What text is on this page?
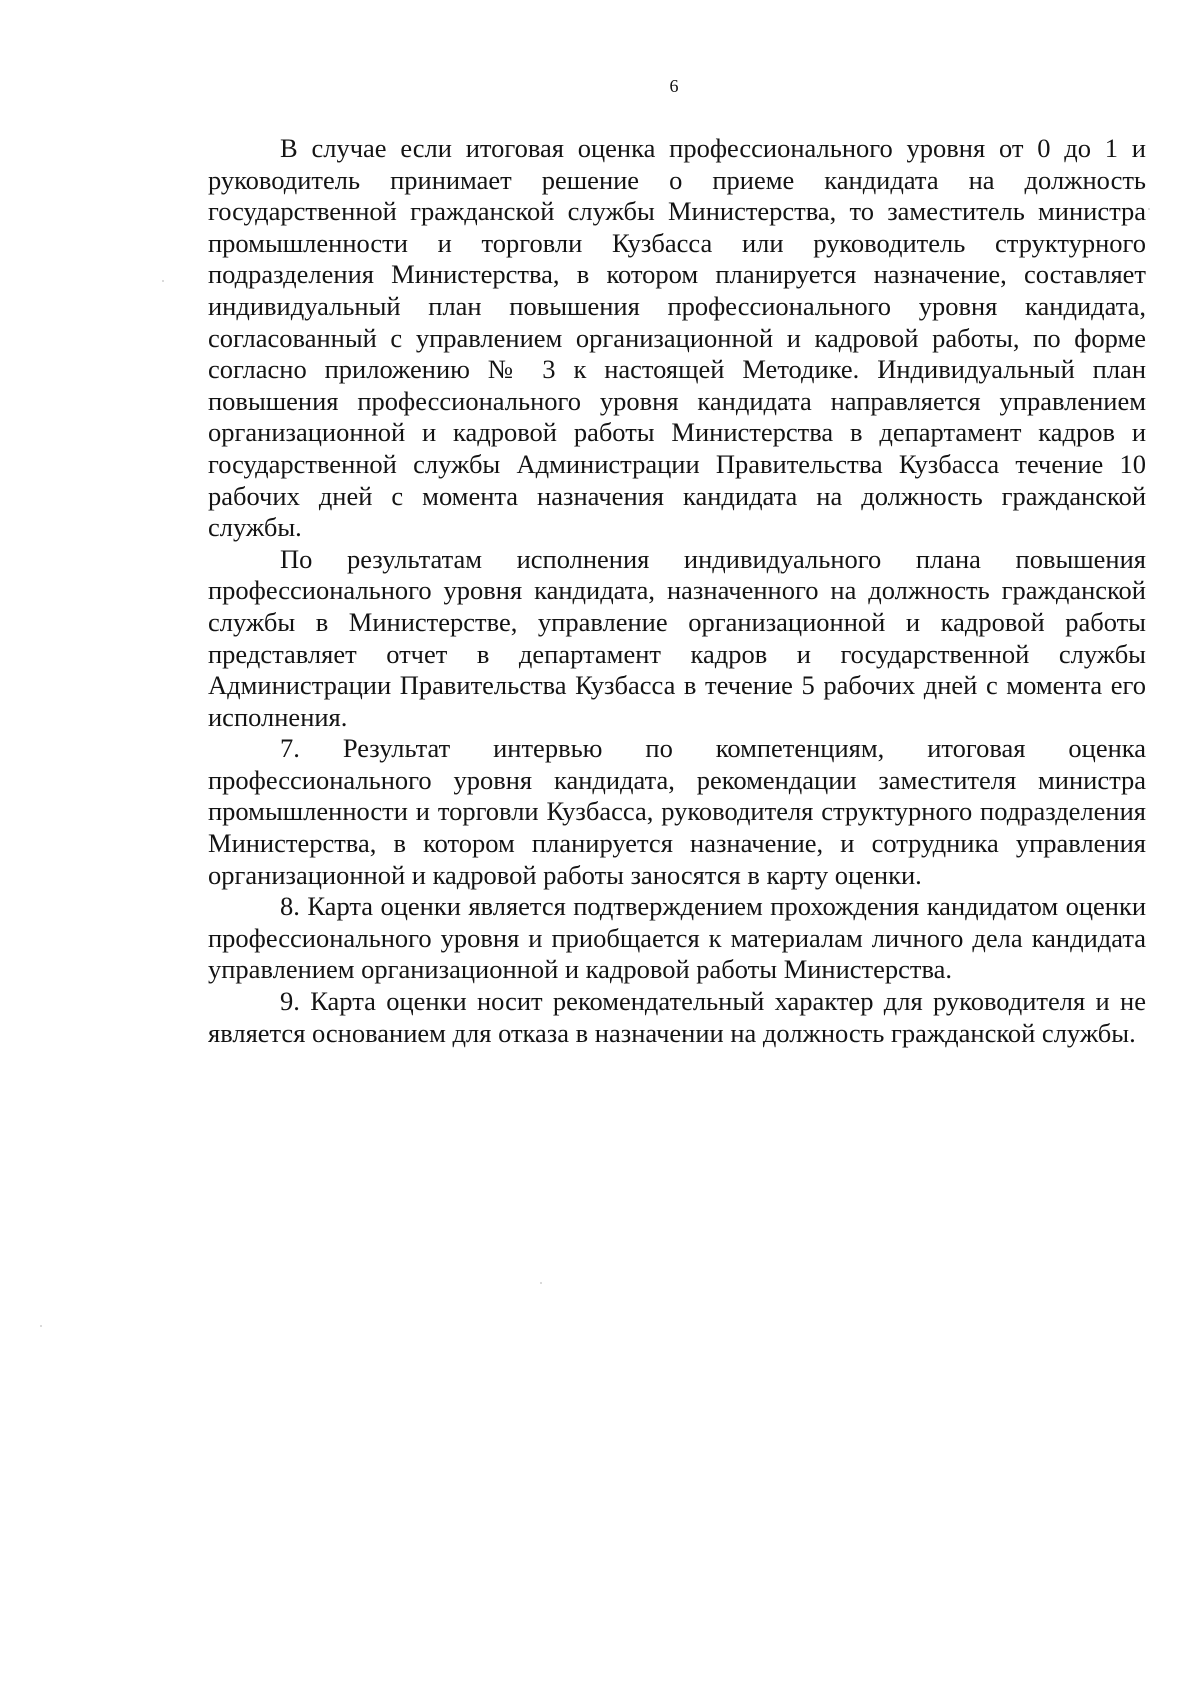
6

В случае если итоговая оценка профессионального уровня от 0 до 1 и руководитель принимает решение о приеме кандидата на должность государственной гражданской службы Министерства, то заместитель министра промышленности и торговли Кузбасса или руководитель структурного подразделения Министерства, в котором планируется назначение, составляет индивидуальный план повышения профессионального уровня кандидата, согласованный с управлением организационной и кадровой работы, по форме согласно приложению № 3 к настоящей Методике. Индивидуальный план повышения профессионального уровня кандидата направляется управлением организационной и кадровой работы Министерства в департамент кадров и государственной службы Администрации Правительства Кузбасса течение 10 рабочих дней с момента назначения кандидата на должность гражданской службы.

По результатам исполнения индивидуального плана повышения профессионального уровня кандидата, назначенного на должность гражданской службы в Министерстве, управление организационной и кадровой работы представляет отчет в департамент кадров и государственной службы Администрации Правительства Кузбасса в течение 5 рабочих дней с момента его исполнения.

7. Результат интервью по компетенциям, итоговая оценка профессионального уровня кандидата, рекомендации заместителя министра промышленности и торговли Кузбасса, руководителя структурного подразделения Министерства, в котором планируется назначение, и сотрудника управления организационной и кадровой работы заносятся в карту оценки.

8. Карта оценки является подтверждением прохождения кандидатом оценки профессионального уровня и приобщается к материалам личного дела кандидата управлением организационной и кадровой работы Министерства.

9. Карта оценки носит рекомендательный характер для руководителя и не является основанием для отказа в назначении на должность гражданской службы.
